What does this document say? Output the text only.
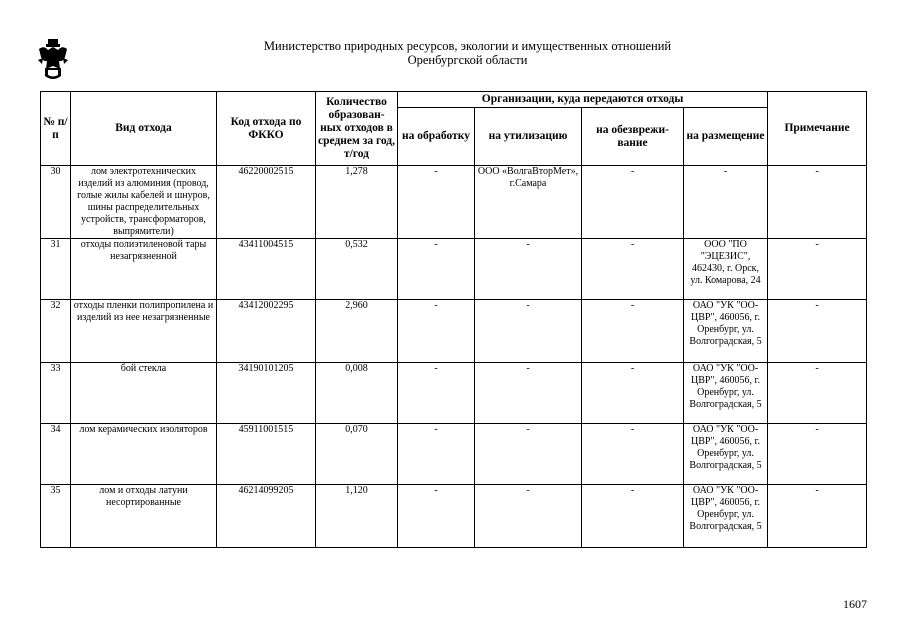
Министерство природных ресурсов, экологии и имущественных отношений
Оренбургской области
№ п/п	Вид отхода	Код отхода по ФККО	Количество образован-ных отходов в среднем за год, т/год	Организации, куда передаются отходы				Примечание
				на обработку	на утилизацию	на обезврежи-вание	на размещение	
30	лом электротехнических изделий из алюминия (провод, голые жилы кабелей и шнуров, шины распределительных устройств, трансформаторов, выпрямители)	46220002515	1,278	-	ООО «ВолгаВторМет», г.Самара	-	-	-
31	отходы полиэтиленовой тары незагрязненной	43411004515	0,532	-	-	-	ООО "ПО "ЭЦЕЗИС", 462430, г. Орск, ул. Комарова, 24	-
32	отходы пленки полипропилена и изделий из нее незагрязненные	43412002295	2,960	-	-	-	ОАО "УК "ОО-ЦВР", 460056, г. Оренбург, ул. Волгоградская, 5	-
33	бой стекла	34190101205	0,008	-	-	-	ОАО "УК "ОО-ЦВР", 460056, г. Оренбург, ул. Волгоградская, 5	-
34	лом керамических изоляторов	45911001515	0,070	-	-	-	ОАО "УК "ОО-ЦВР", 460056, г. Оренбург, ул. Волгоградская, 5	-
35	лом и отходы латуни несортированные	46214099205	1,120	-	-	-	ОАО "УК "ОО-ЦВР", 460056, г. Оренбург, ул. Волгоградская, 5	-
1607
